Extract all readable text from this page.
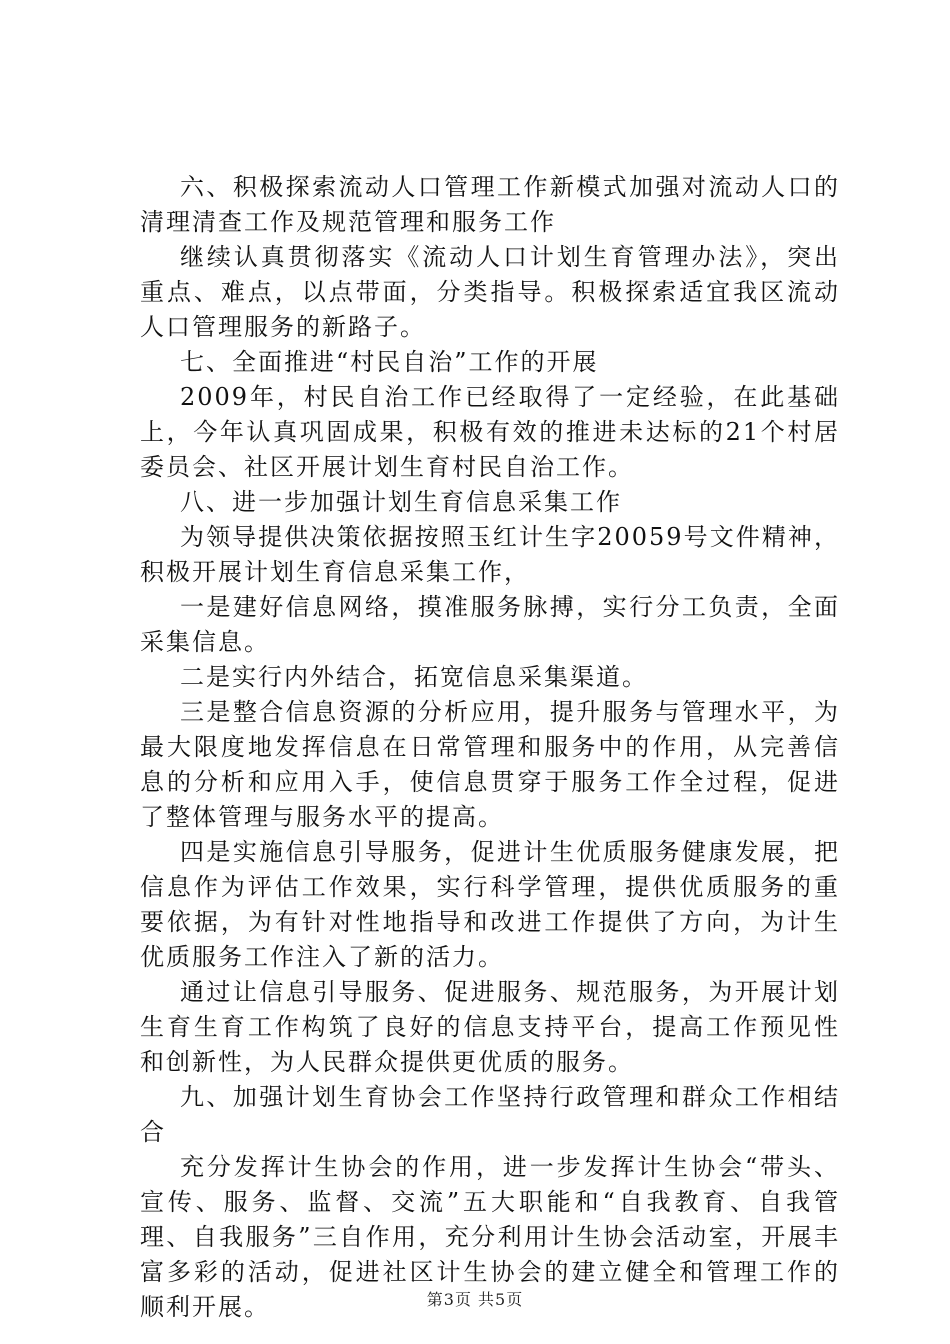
六、积极探索流动人口管理工作新模式加强对流动人口的清理清查工作及规范管理和服务工作

继续认真贯彻落实《流动人口计划生育管理办法》，突出重点、难点，以点带面，分类指导。积极探索适宜我区流动人口管理服务的新路子。

七、全面推进“村民自治”工作的开展

2009年，村民自治工作已经取得了一定经验，在此基础上，今年认真巩固成果，积极有效的推进未达标的21个村居委员会、社区开展计划生育村民自治工作。

八、进一步加强计划生育信息采集工作

为领导提供决策依据按照玉红计生字20059号文件精神，积极开展计划生育信息采集工作，

一是建好信息网络，摸准服务脉搏，实行分工负责，全面采集信息。

二是实行内外结合，拓宽信息采集渠道。

三是整合信息资源的分析应用，提升服务与管理水平，为最大限度地发挥信息在日常管理和服务中的作用，从完善信息的分析和应用入手，使信息贯穿于服务工作全过程，促进了整体管理与服务水平的提高。

四是实施信息引导服务，促进计生优质服务健康发展，把信息作为评估工作效果，实行科学管理，提供优质服务的重要依据，为有针对性地指导和改进工作提供了方向，为计生优质服务工作注入了新的活力。

通过让信息引导服务、促进服务、规范服务，为开展计划生育生育工作构筑了良好的信息支持平台，提高工作预见性和创新性，为人民群众提供更优质的服务。

九、加强计划生育协会工作坚持行政管理和群众工作相结合

充分发挥计生协会的作用，进一步发挥计生协会“带头、宣传、服务、监督、交流”五大职能和“自我教育、自我管理、自我服务”三自作用，充分利用计生协会活动室，开展丰富多彩的活动，促进社区计生协会的建立健全和管理工作的顺利开展。	第3页 共5页
